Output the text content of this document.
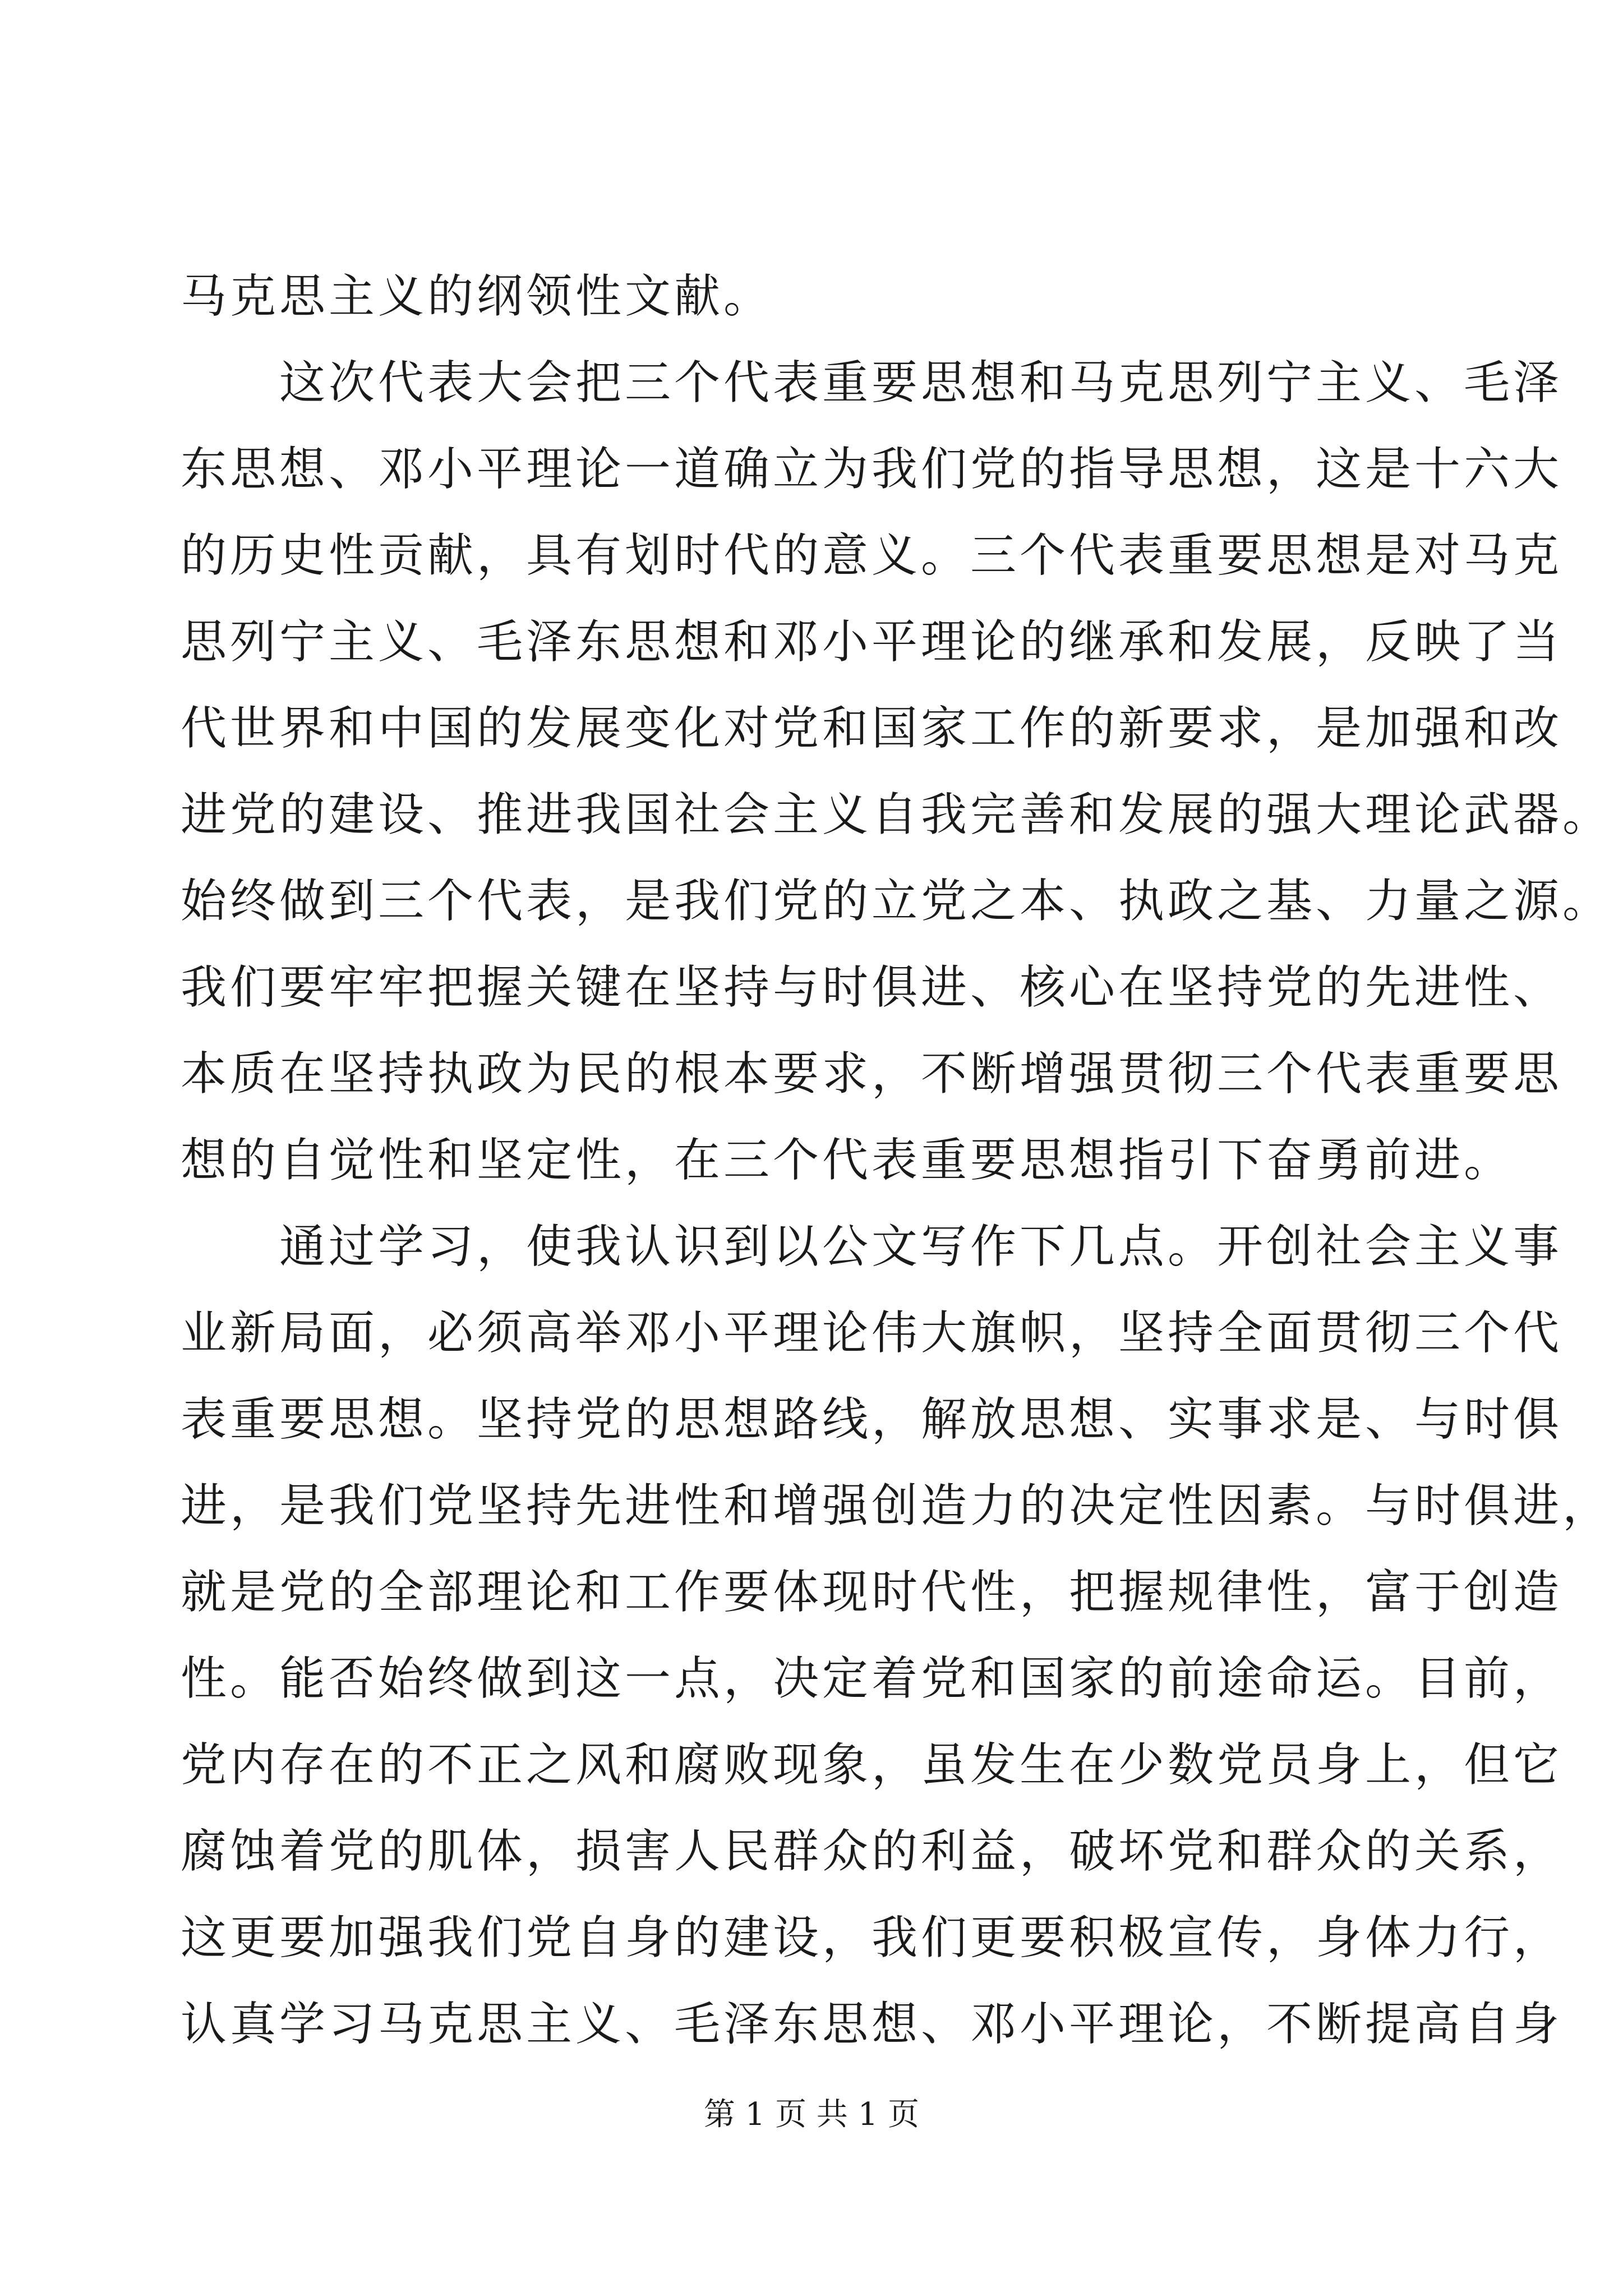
马克思主义的纲领性文献。
　　这次代表大会把三个代表重要思想和马克思列宁主义、毛泽
东思想、邓小平理论一道确立为我们党的指导思想，这是十六大
的历史性贡献，具有划时代的意义。三个代表重要思想是对马克
思列宁主义、毛泽东思想和邓小平理论的继承和发展，反映了当
代世界和中国的发展变化对党和国家工作的新要求，是加强和改
进党的建设、推进我国社会主义自我完善和发展的强大理论武器。
始终做到三个代表，是我们党的立党之本、执政之基、力量之源。
我们要牢牢把握关键在坚持与时俱进、核心在坚持党的先进性、
本质在坚持执政为民的根本要求，不断增强贯彻三个代表重要思
想的自觉性和坚定性，在三个代表重要思想指引下奋勇前进。
　　通过学习，使我认识到以公文写作下几点。开创社会主义事
业新局面，必须高举邓小平理论伟大旗帜，坚持全面贯彻三个代
表重要思想。坚持党的思想路线，解放思想、实事求是、与时俱
进，是我们党坚持先进性和增强创造力的决定性因素。与时俱进，
就是党的全部理论和工作要体现时代性，把握规律性，富于创造
性。能否始终做到这一点，决定着党和国家的前途命运。目前，
党内存在的不正之风和腐败现象，虽发生在少数党员身上，但它
腐蚀着党的肌体，损害人民群众的利益，破坏党和群众的关系，
这更要加强我们党自身的建设，我们更要积极宣传，身体力行，
认真学习马克思主义、毛泽东思想、邓小平理论，不断提高自身
第 1 页 共 1 页
